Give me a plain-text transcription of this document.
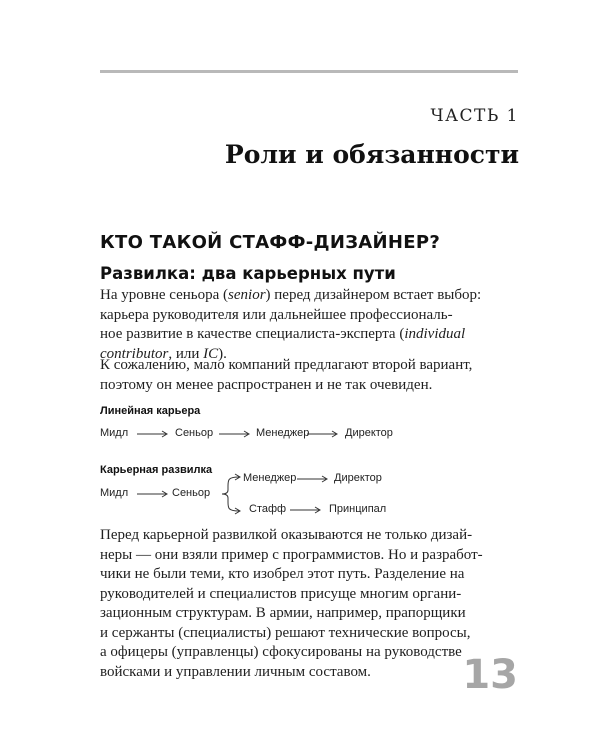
ЧАСТЬ 1
Роли и обязанности
КТО ТАКОЙ СТАФФ-ДИЗАЙНЕР?
Развилка: два карьерных пути
На уровне сеньора (senior) перед дизайнером встает выбор:
карьера руководителя или дальнейшее профессиональ-
ное развитие в качестве специалиста-эксперта (individual
contributor, или IC).
К сожалению, мало компаний предлагают второй вариант,
поэтому он менее распространен и не так очевиден.
Линейная карьера
Мидл	Сеньор	Менеджер	Директор
Карьерная развилка
Мидл	Сеньор
Менеджер	Директор
Стафф	Принципал
Перед карьерной развилкой оказываются не только дизай-
неры — они взяли пример с программистов. Но и разработ-
чики не были теми, кто изобрел этот путь. Разделение на
руководителей и специалистов присуще многим органи-
зационным структурам. В армии, например, прапорщики
и сержанты (специалисты) решают технические вопросы,
а офицеры (управленцы) сфокусированы на руководстве
войсками и управлении личным составом.	13
